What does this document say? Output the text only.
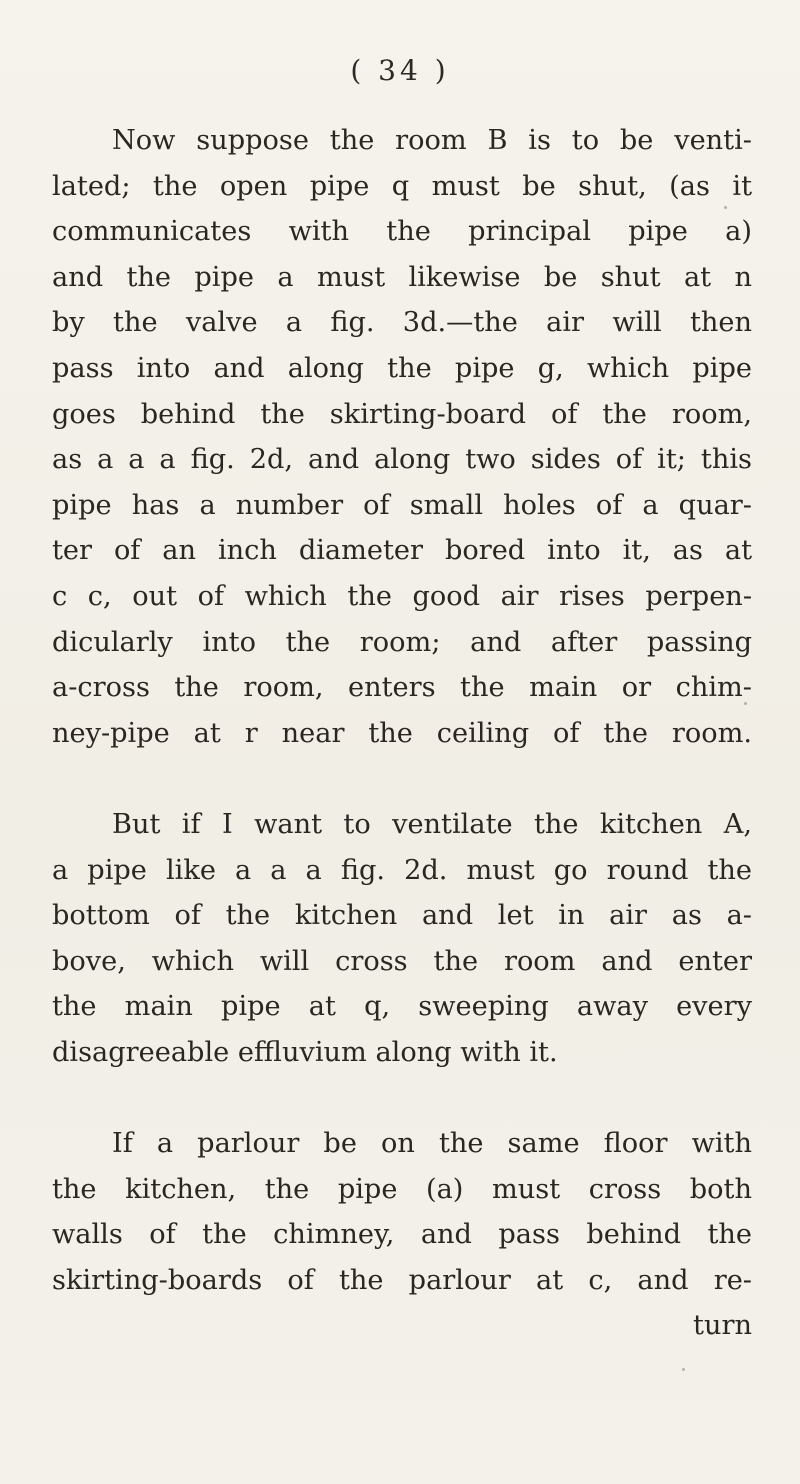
( 34 )
Now suppose the room B is to be venti-
lated; the open pipe q must be shut, (as it
communicates with the principal pipe a)
and the pipe a must likewise be shut at n
by the valve a fig. 3d.—the air will then
pass into and along the pipe g, which pipe
goes behind the skirting-board of the room,
as a a a fig. 2d, and along two sides of it; this
pipe has a number of small holes of a quar-
ter of an inch diameter bored into it, as at
c c, out of which the good air rises perpen-
dicularly into the room; and after passing
a-cross the room, enters the main or chim-
ney-pipe at r near the ceiling of the room.
But if I want to ventilate the kitchen A,
a pipe like a a a fig. 2d. must go round the
bottom of the kitchen and let in air as a-
bove, which will cross the room and enter
the main pipe at q, sweeping away every
disagreeable effluvium along with it.
If a parlour be on the same floor with
the kitchen, the pipe (a) must cross both
walls of the chimney, and pass behind the
skirting-boards of the parlour at c, and re-
turn
